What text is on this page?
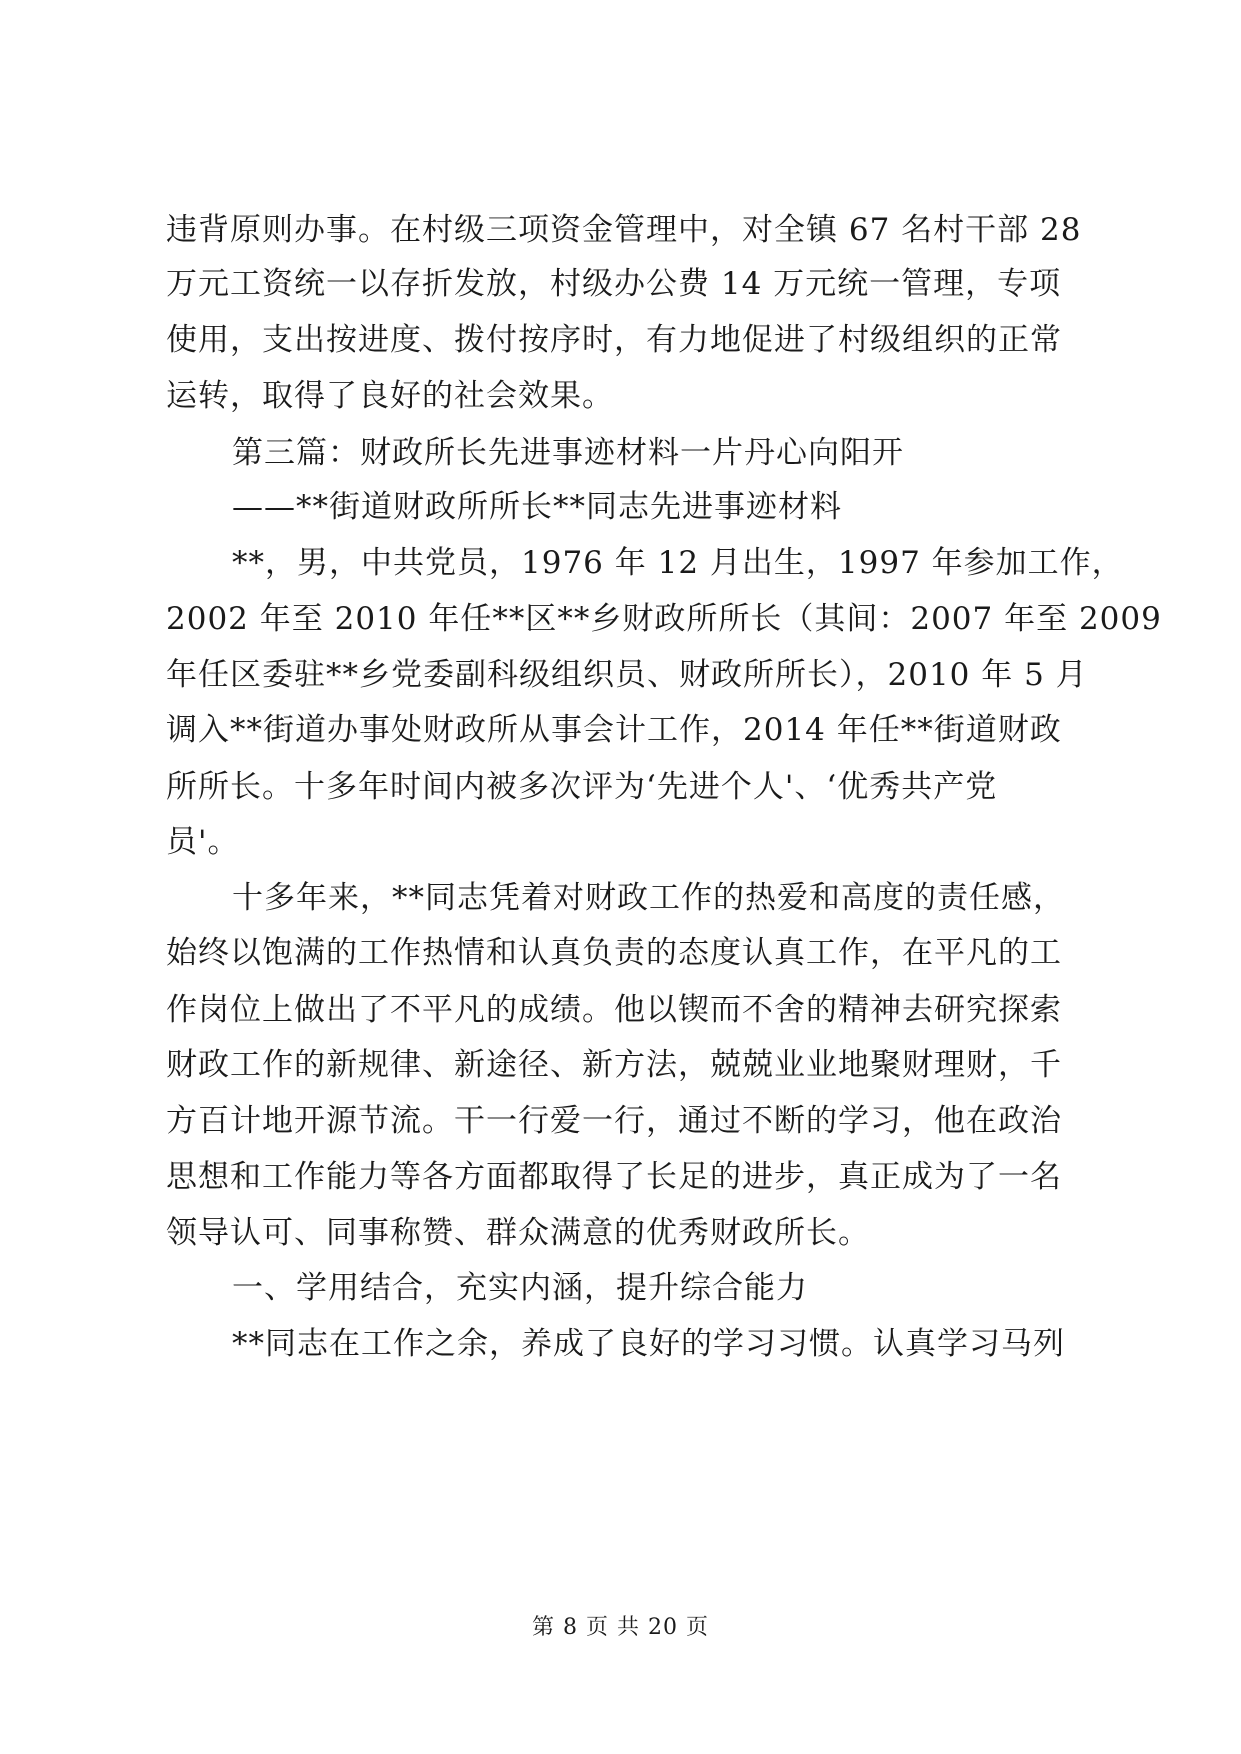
违背原则办事。在村级三项资金管理中，对全镇 67 名村干部 28
万元工资统一以存折发放，村级办公费 14 万元统一管理，专项
使用，支出按进度、拨付按序时，有力地促进了村级组织的正常
运转，取得了良好的社会效果。
第三篇：财政所长先进事迹材料一片丹心向阳开
——**街道财政所所长**同志先进事迹材料
**，男，中共党员，1976 年 12 月出生，1997 年参加工作，
2002 年至 2010 年任**区**乡财政所所长（其间：2007 年至 2009
年任区委驻**乡党委副科级组织员、财政所所长），2010 年 5 月
调入**街道办事处财政所从事会计工作，2014 年任**街道财政
所所长。十多年时间内被多次评为‘先进个人'、‘优秀共产党
员'。
十多年来，**同志凭着对财政工作的热爱和高度的责任感，
始终以饱满的工作热情和认真负责的态度认真工作，在平凡的工
作岗位上做出了不平凡的成绩。他以锲而不舍的精神去研究探索
财政工作的新规律、新途径、新方法，兢兢业业地聚财理财，千
方百计地开源节流。干一行爱一行，通过不断的学习，他在政治
思想和工作能力等各方面都取得了长足的进步，真正成为了一名
领导认可、同事称赞、群众满意的优秀财政所长。
一、学用结合，充实内涵，提升综合能力
**同志在工作之余，养成了良好的学习习惯。认真学习马列
第 8 页 共 20 页
